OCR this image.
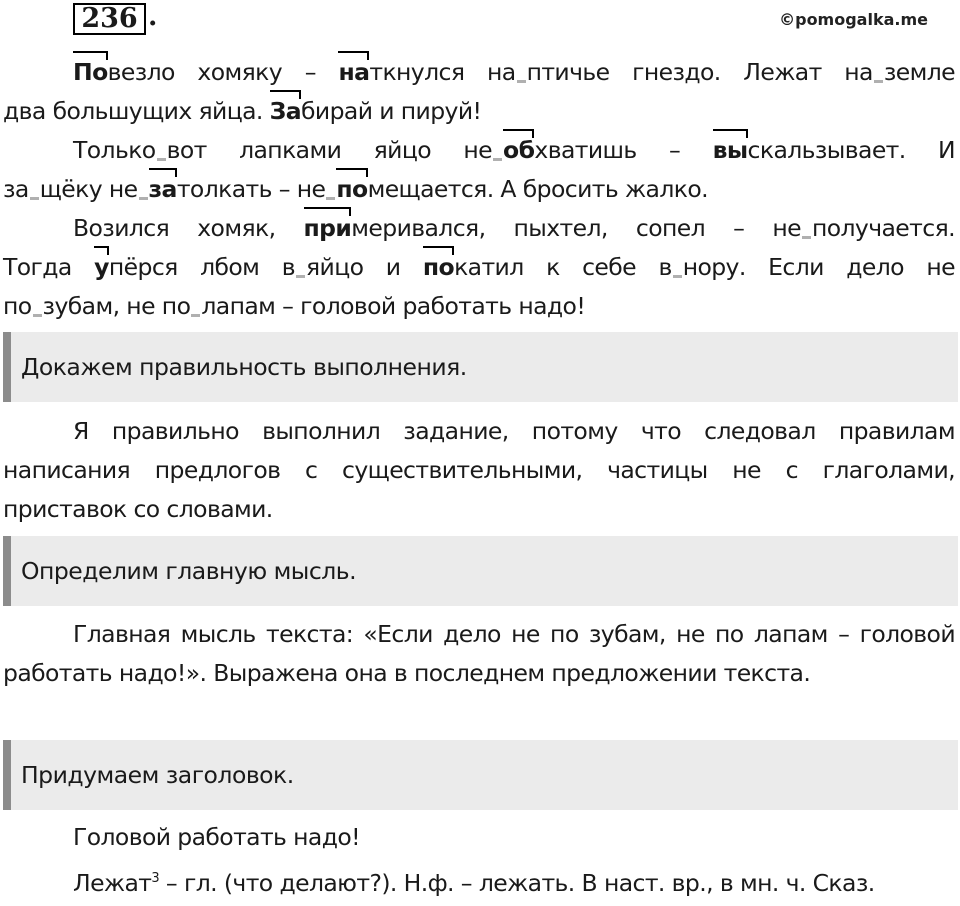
236 .	©pomogalka.me
Повезло хомяку – наткнулся на птичье гнездо. Лежат на земле
два большущих яйца. Забирай и пируй!
Только вот лапками яйцо не обхватишь – выскальзывает. И
за щёку не затолкать – не помещается. А бросить жалко.
Возился хомяк, примеривался, пыхтел, сопел – не получается.
Тогда упёрся лбом в яйцо и покатил к себе в нору. Если дело не
по зубам, не по лапам – головой работать надо!
Докажем правильность выполнения.

Я правильно выполнил задание, потому что следовал правилам написания предлогов с существительными, частицы не с глаголами, приставок со словами.

Определим главную мысль.

Главная мысль текста: «Если дело не по зубам, не по лапам – головой работать надо!». Выражена она в последнем предложении текста.

Придумаем заголовок.

Головой работать надо!

Лежат$^3$ – гл. (что делают?). Н.ф. – лежать. В наст. вр., в мн. ч. Сказ.
